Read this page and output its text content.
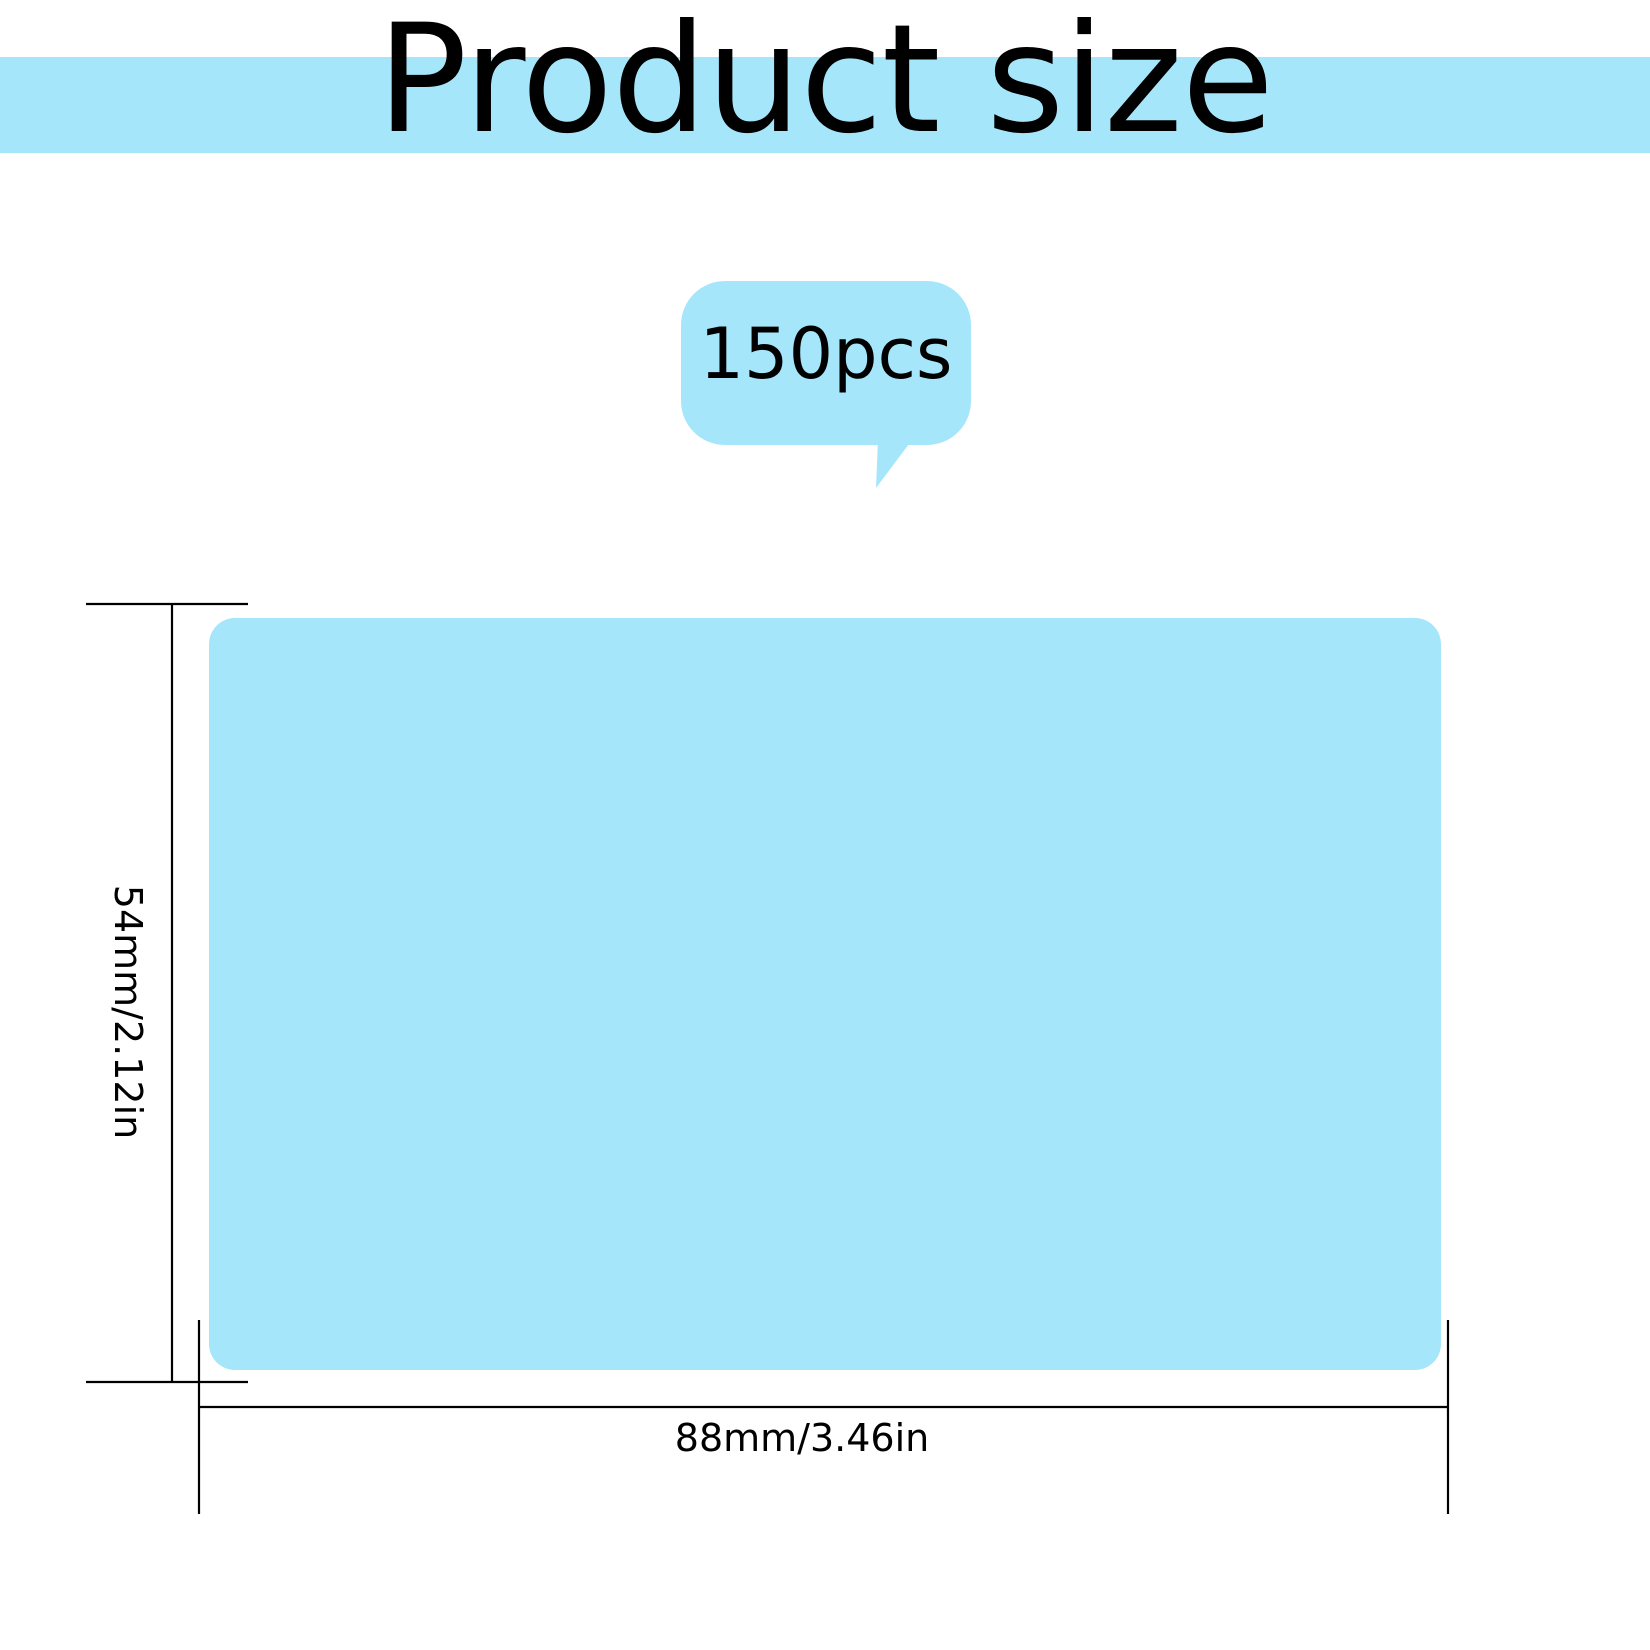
Product size
150pcs
54mm/2.12in
88mm/3.46in
